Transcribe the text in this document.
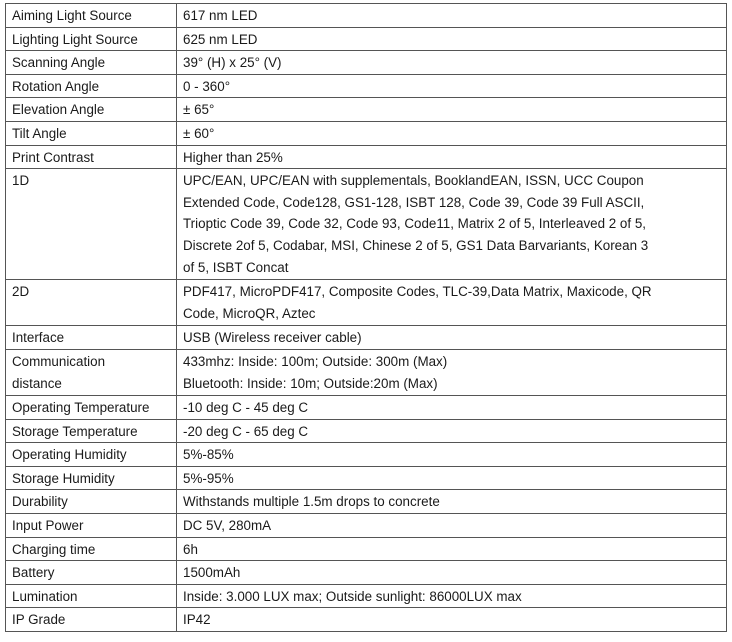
Aiming Light Source	617 nm LED

Lighting Light Source	625 nm LED

Scanning Angle	39° (H) x 25° (V)

Rotation Angle	0 - 360°

Elevation Angle	± 65°

Tilt Angle	± 60°

Print Contrast	Higher than 25%

1D	UPC/EAN, UPC/EAN with supplementals, BooklandEAN, ISSN, UCC Coupon
Extended Code, Code128, GS1-128, ISBT 128, Code 39, Code 39 Full ASCII,
Trioptic Code 39, Code 32, Code 93, Code11, Matrix 2 of 5, Interleaved 2 of 5,
Discrete 2of 5, Codabar, MSI, Chinese 2 of 5, GS1 Data Barvariants, Korean 3
of 5, ISBT Concat

2D	PDF417, MicroPDF417, Composite Codes, TLC-39,Data Matrix, Maxicode, QR
Code, MicroQR, Aztec

Interface	USB (Wireless receiver cable)

Communication
distance	433mhz: Inside: 100m; Outside: 300m (Max)
Bluetooth: Inside: 10m; Outside:20m (Max)

Operating Temperature	-10 deg C - 45 deg C

Storage Temperature	-20 deg C - 65 deg C

Operating Humidity	5%-85%

Storage Humidity	5%-95%

Durability	Withstands multiple 1.5m drops to concrete

Input Power	DC 5V, 280mA

Charging time	6h

Battery	1500mAh

Lumination	Inside: 3.000 LUX max; Outside sunlight: 86000LUX max

IP Grade	IP42
